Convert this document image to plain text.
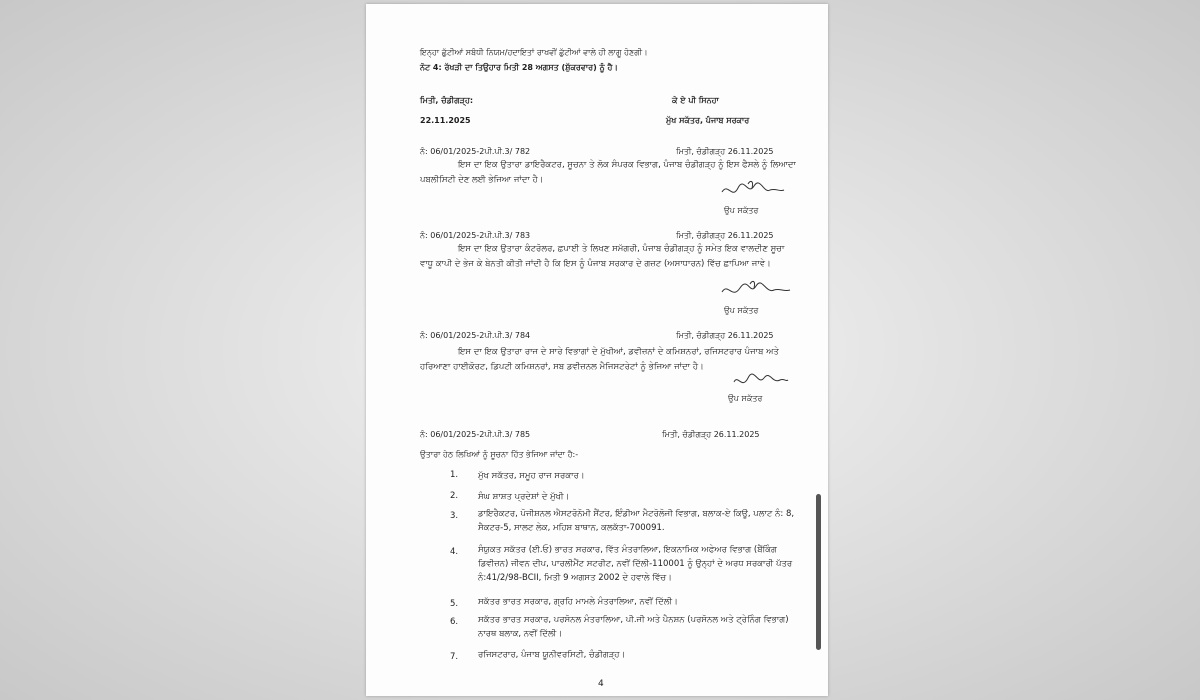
ਇਨ੍ਹਾ ਛੁੱਟੀਆਂ ਸਬੰਧੀ ਨਿਯਮ/ਹਦਾਇਤਾਂ ਰਾਖਵੀਂ ਛੁੱਟੀਆਂ ਵਾਲੇ ਹੀ ਲਾਗੂ ਹੋਣਗੀ।
ਨੋਟ 4: ਰੱਖੜੀ ਦਾ ਤਿਉਹਾਰ ਮਿਤੀ 28 ਅਗਸਤ (ਸ਼ੁੱਕਰਵਾਰ) ਨੂੰ ਹੈ।
ਮਿਤੀ, ਚੰਡੀਗੜ੍ਹ:
22.11.2025
ਕੇ ਏ ਪੀ ਸਿਨਹਾ
ਮੁੱਖ ਸਕੱਤਰ, ਪੰਜਾਬ ਸਰਕਾਰ
ਨੰ: 06/01/2025-2ਪੀ.ਪੀ.3/ 782	ਮਿਤੀ, ਚੰਡੀਗੜ੍ਹ 26.11.2025
ਇਸ ਦਾ ਇਕ ਉਤਾਰਾ ਡਾਇਰੈਕਟਰ, ਸੂਚਨਾ ਤੇ ਲੋਕ ਸੰਪਰਕ ਵਿਭਾਗ, ਪੰਜਾਬ ਚੰਡੀਗੜ੍ਹ ਨੂੰ ਇਸ ਫੈਸਲੇ ਨੂੰ ਲਿਆਦਾ ਪਬਲੀਸਿਟੀ ਦੇਣ ਲਈ ਭੇਜਿਆ ਜਾਂਦਾ ਹੈ।
ਉਪ ਸਕੱਤਰ
ਨੰ: 06/01/2025-2ਪੀ.ਪੀ.3/ 783	ਮਿਤੀ, ਚੰਡੀਗੜ੍ਹ 26.11.2025
ਇਸ ਦਾ ਇਕ ਉਤਾਰਾ ਕੰਟਰੋਲਰ, ਛਪਾਈ ਤੇ ਲਿਖਣ ਸਮੱਗਰੀ, ਪੰਜਾਬ ਚੰਡੀਗੜ੍ਹ ਨੂੰ ਸਮੇਤ ਇਕ ਵਾਲਦੀਣ ਸੂਚਾ ਵਾਧੂ ਕਾਪੀ ਦੇ ਭੇਜ ਕੇ ਬੇਨਤੀ ਕੀਤੀ ਜਾਂਦੀ ਹੈ ਕਿ ਇਸ ਨੂੰ ਪੰਜਾਬ ਸਰਕਾਰ ਦੇ ਗਜ਼ਟ (ਅਸਾਧਾਰਨ) ਵਿੱਚ ਛਾਪਿਆ ਜਾਵੇ।
ਉਪ ਸਕੱਤਰ
ਨੰ: 06/01/2025-2ਪੀ.ਪੀ.3/ 784	ਮਿਤੀ, ਚੰਡੀਗੜ੍ਹ 26.11.2025
ਇਸ ਦਾ ਇਕ ਉਤਾਰਾ ਰਾਜ ਦੇ ਸਾਰੇ ਵਿਭਾਗਾਂ ਦੇ ਮੁੱਖੀਆਂ, ਡਵੀਜ਼ਨਾਂ ਦੇ ਕਮਿਸ਼ਨਰਾਂ, ਰਜਿਸਟਰਾਰ ਪੰਜਾਬ ਅਤੇ ਹਰਿਆਣਾ ਹਾਈਕੋਰਟ, ਡਿਪਟੀ ਕਮਿਸ਼ਨਰਾਂ, ਸਬ ਡਵੀਜ਼ਨਲ ਮੈਜਿਸਟਰੇਟਾਂ ਨੂੰ ਭੇਜਿਆ ਜਾਂਦਾ ਹੈ।
ਉਪ ਸਕੱਤਰ
ਨੰ: 06/01/2025-2ਪੀ.ਪੀ.3/ 785	ਮਿਤੀ, ਚੰਡੀਗੜ੍ਹ 26.11.2025
ਉਤਾਰਾ ਹੇਠ ਲਿਖਿਆਂ ਨੂੰ ਸੂਚਨਾ ਹਿੱਤ ਭੇਜਿਆ ਜਾਂਦਾ ਹੈ:-
1.	ਮੁੱਖ ਸਕੱਤਰ, ਸਮੂਹ ਰਾਜ ਸਰਕਾਰ।
2.	ਸੰਘ ਸ਼ਾਸ਼ਤ ਪ੍ਰਦੇਸ਼ਾਂ ਦੇ ਮੁੱਖੀ।
3.	ਡਾਇਰੈਕਟਰ, ਪੋਜੀਸ਼ਨਲ ਐਸਟਰੋਨੋਮੀ ਸੈਂਟਰ, ਇੰਡੀਆ ਮੈਟਰੋਲੋਜੀ ਵਿਭਾਗ, ਬਲਾਕ-ਏ ਕਿਊ, ਪਲਾਟ ਨੰ: 8, ਸੈਕਟਰ-5, ਸਾਲਟ ਲੇਕ, ਮਹਿਸ਼ ਬਾਥਾਨ, ਕਲਕੱਤਾ-700091.
4.	ਸੰਯੁਕਤ ਸਕੱਤਰ (ਈ.ਓ) ਭਾਰਤ ਸਰਕਾਰ, ਵਿੱਤ ਮੰਤਰਾਲਿਆ, ਇਕਨਾਮਿਕ ਅਫੇਅਰ ਵਿਭਾਗ (ਬੈਂਕਿੰਗ ਡਿਵੀਜ਼ਨ) ਜੀਵਨ ਦੀਪ, ਪਾਰਲੀਮੈਂਟ ਸਟਰੀਟ, ਨਵੀਂ ਦਿੱਲੀ-110001 ਨੂੰ ਉਨ੍ਹਾਂ ਦੇ ਅਰਧ ਸਰਕਾਰੀ ਪੱਤਰ ਨੰ:41/2/98-BCII, ਮਿਤੀ 9 ਅਗਸਤ 2002 ਦੇ ਹਵਾਲੇ ਵਿੱਚ।
5.	ਸਕੱਤਰ ਭਾਰਤ ਸਰਕਾਰ, ਗ੍ਰਹਿ ਮਾਮਲੇ ਮੰਤਰਾਲਿਆ, ਨਵੀਂ ਦਿੱਲੀ।
6.	ਸਕੱਤਰ ਭਾਰਤ ਸਰਕਾਰ, ਪਰਸੋਨਲ ਮੰਤਰਾਲਿਆ, ਪੀ.ਜੀ ਅਤੇ ਪੈਨਸ਼ਨ (ਪਰਸੋਨਲ ਅਤੇ ਟ੍ਰੇਨਿੰਗ ਵਿਭਾਗ) ਨਾਰਥ ਬਲਾਕ, ਨਵੀਂ ਦਿੱਲੀ।
7.	ਰਜਿਸਟਰਾਰ, ਪੰਜਾਬ ਯੂਨੀਵਰਸਿਟੀ, ਚੰਡੀਗੜ੍ਹ।
4
